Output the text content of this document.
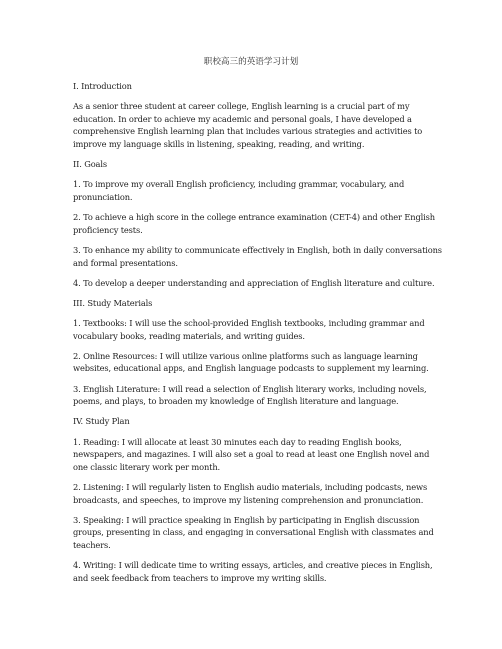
职校高三的英语学习计划
I. Introduction

As a senior three student at career college, English learning is a crucial part of my education. In order to achieve my academic and personal goals, I have developed a comprehensive English learning plan that includes various strategies and activities to improve my language skills in listening, speaking, reading, and writing.

II. Goals

1. To improve my overall English proficiency, including grammar, vocabulary, and pronunciation.

2. To achieve a high score in the college entrance examination (CET-4) and other English proficiency tests.

3. To enhance my ability to communicate effectively in English, both in daily conversations and formal presentations.

4. To develop a deeper understanding and appreciation of English literature and culture.

III. Study Materials

1. Textbooks: I will use the school-provided English textbooks, including grammar and vocabulary books, reading materials, and writing guides.

2. Online Resources: I will utilize various online platforms such as language learning websites, educational apps, and English language podcasts to supplement my learning.

3. English Literature: I will read a selection of English literary works, including novels, poems, and plays, to broaden my knowledge of English literature and language.

IV. Study Plan

1. Reading: I will allocate at least 30 minutes each day to reading English books, newspapers, and magazines. I will also set a goal to read at least one English novel and one classic literary work per month.

2. Listening: I will regularly listen to English audio materials, including podcasts, news broadcasts, and speeches, to improve my listening comprehension and pronunciation.

3. Speaking: I will practice speaking in English by participating in English discussion groups, presenting in class, and engaging in conversational English with classmates and teachers.

4. Writing: I will dedicate time to writing essays, articles, and creative pieces in English, and seek feedback from teachers to improve my writing skills.
